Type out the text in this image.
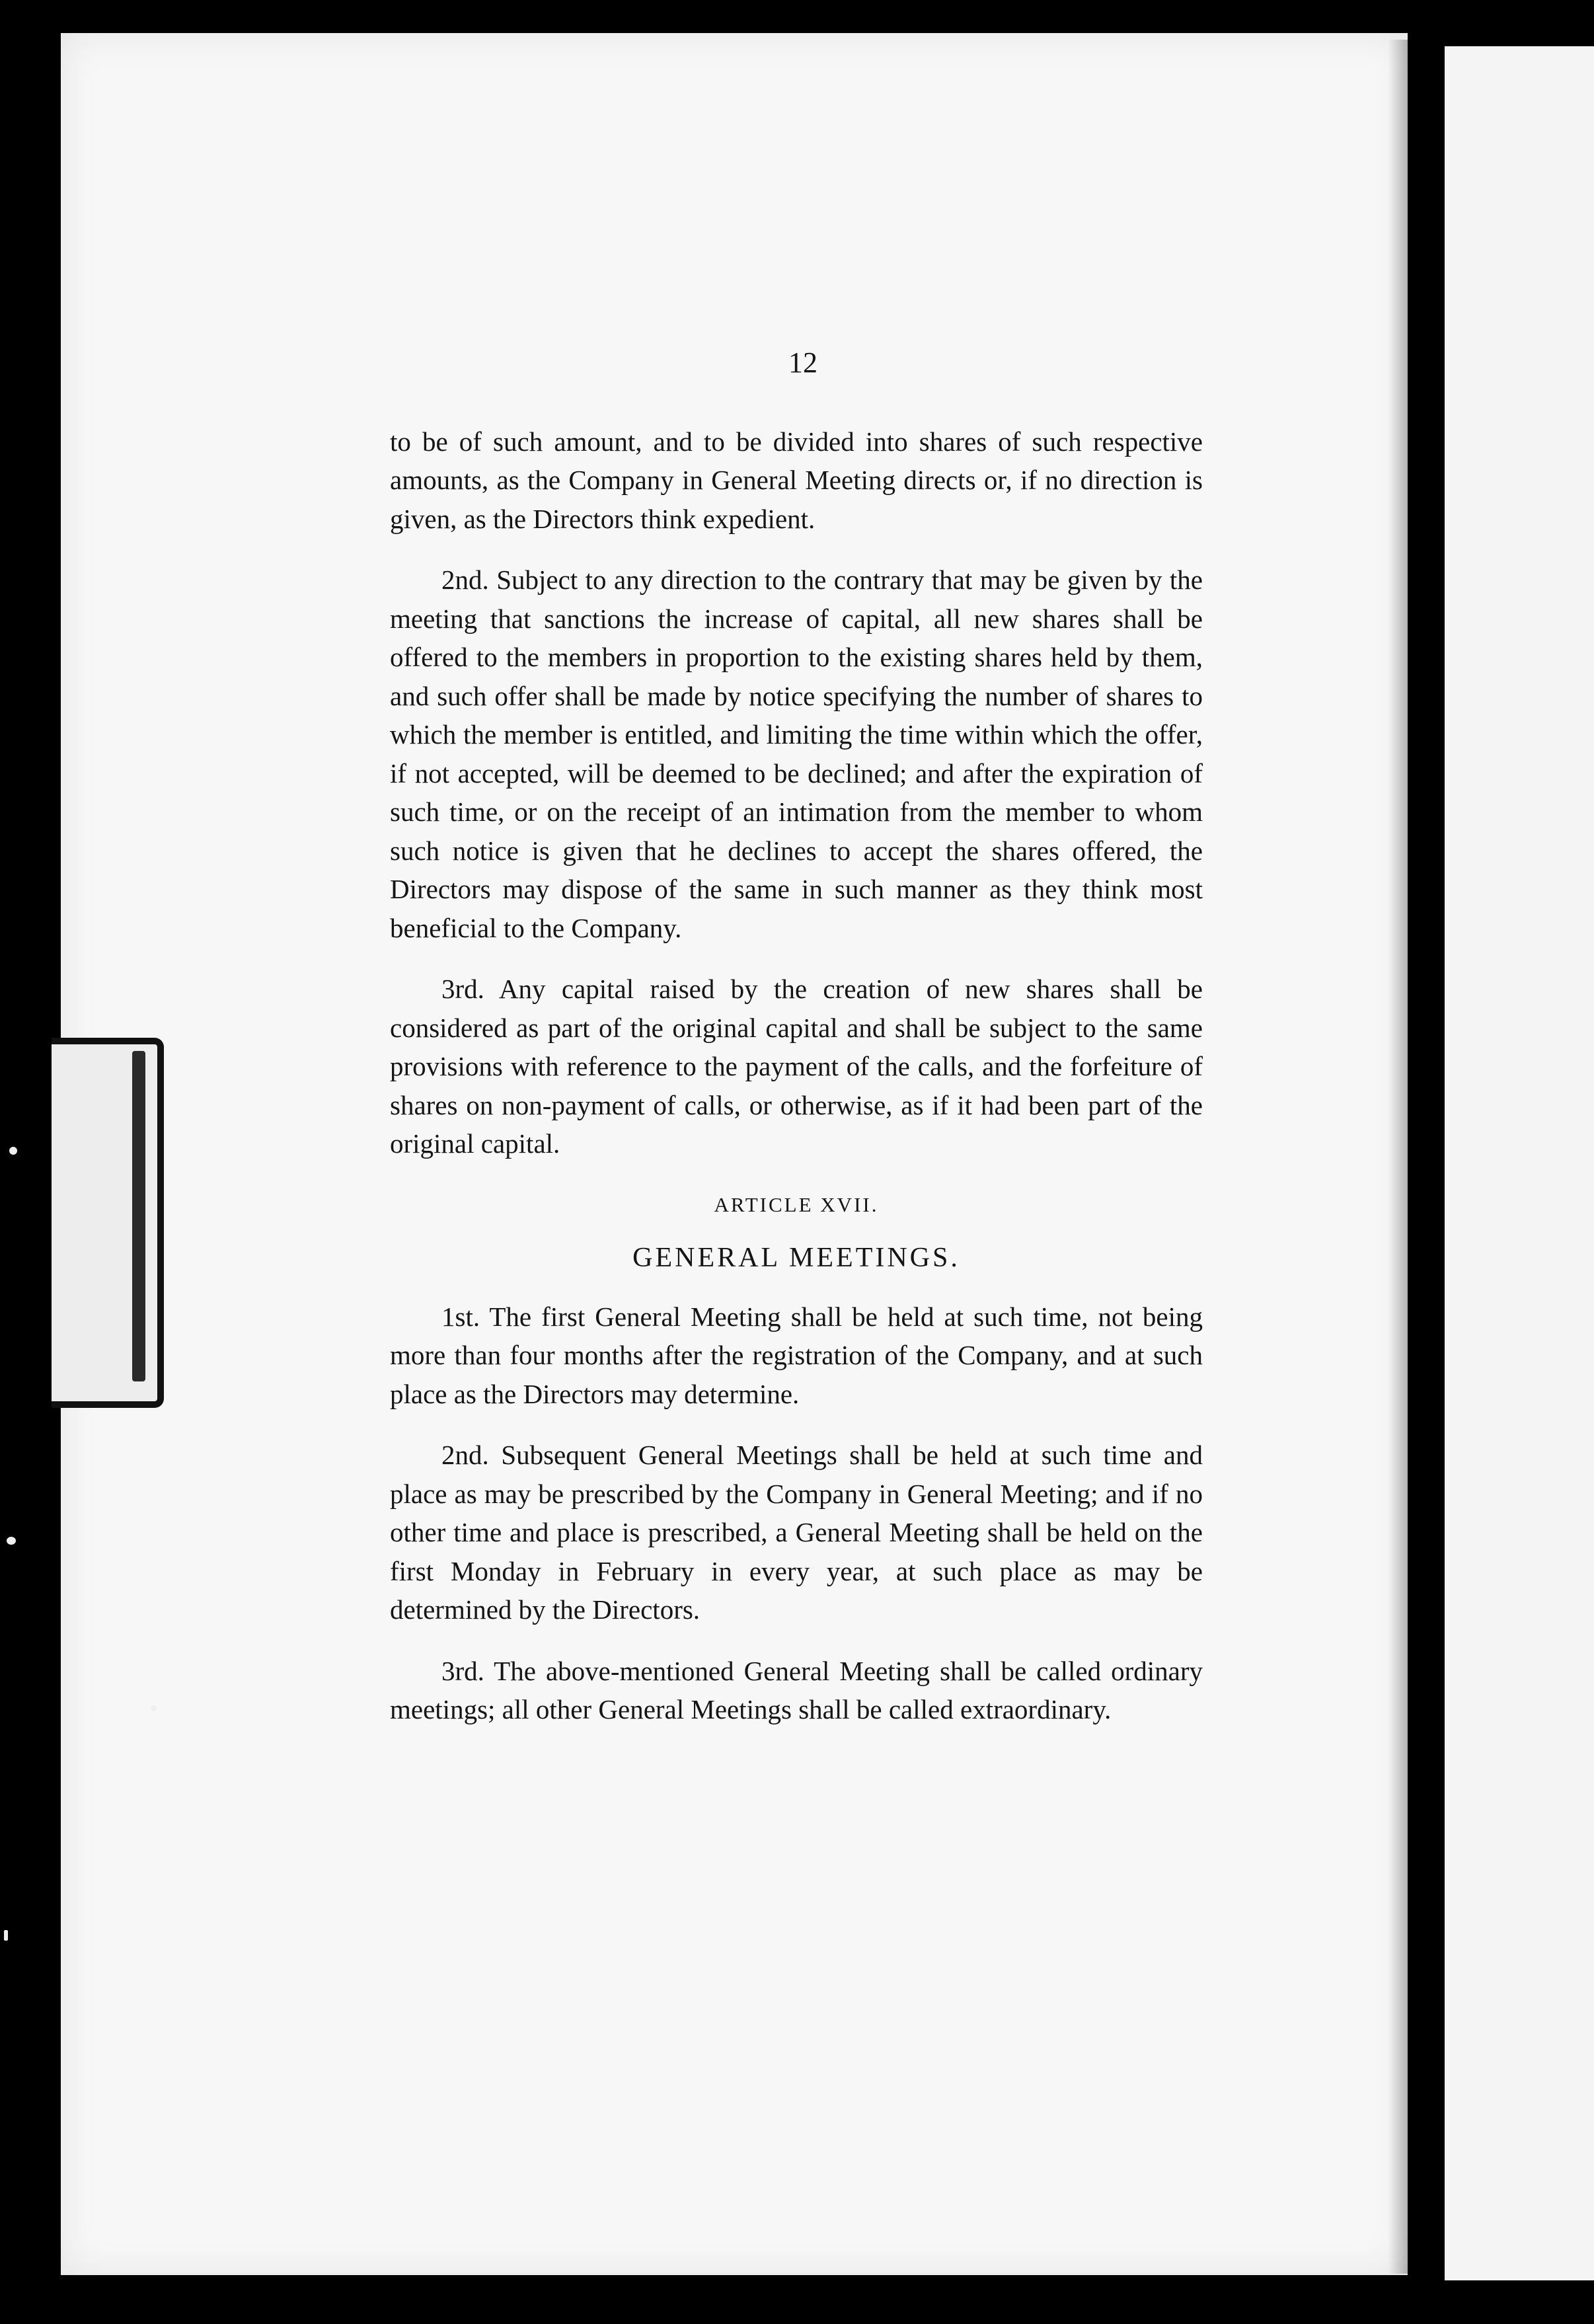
12

to be of such amount, and to be divided into shares of such respective amounts, as the Company in General Meeting directs or, if no direction is given, as the Directors think expedient.

2nd. Subject to any direction to the contrary that may be given by the meeting that sanctions the increase of capital, all new shares shall be offered to the members in proportion to the existing shares held by them, and such offer shall be made by notice specifying the number of shares to which the member is entitled, and limiting the time within which the offer, if not accepted, will be deemed to be declined; and after the expiration of such time, or on the receipt of an intimation from the member to whom such notice is given that he declines to accept the shares offered, the Directors may dispose of the same in such manner as they think most beneficial to the Company.

3rd. Any capital raised by the creation of new shares shall be considered as part of the original capital and shall be subject to the same provisions with reference to the payment of the calls, and the forfeiture of shares on non-payment of calls, or otherwise, as if it had been part of the original capital.

ARTICLE XVII.
GENERAL MEETINGS.

1st. The first General Meeting shall be held at such time, not being more than four months after the registration of the Company, and at such place as the Directors may determine.

2nd. Subsequent General Meetings shall be held at such time and place as may be prescribed by the Company in General Meeting; and if no other time and place is prescribed, a General Meeting shall be held on the first Monday in February in every year, at such place as may be determined by the Directors.

3rd. The above-mentioned General Meeting shall be called ordinary meetings; all other General Meetings shall be called extraordinary.
